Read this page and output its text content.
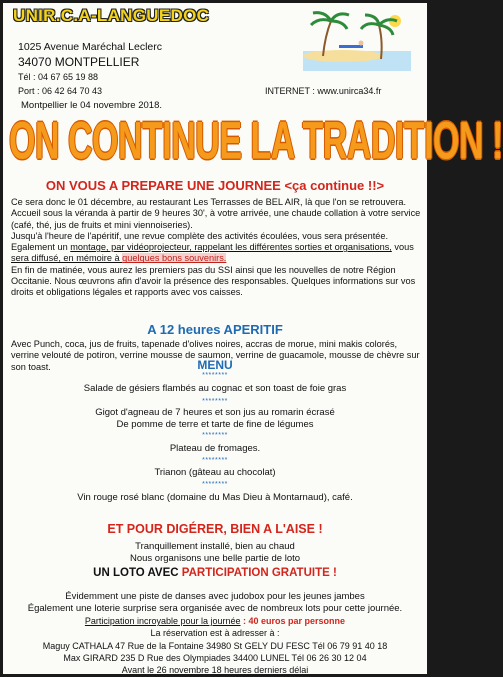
UNIR.C.A-LANGUEDOC
1025 Avenue Maréchal Leclerc
34070 MONTPELLIER
Tél : 04 67 65 19 88
Port : 06 42 64 70 43	INTERNET : www.unirca34.fr
Montpellier le 04 novembre 2018.
ON CONTINUE LA TRADITION !
ON VOUS A PREPARE UNE JOURNEE <ça continue !!>

Ce sera donc le 01 décembre, au restaurant Les Terrasses de BEL AIR, là que l'on se retrouvera.

Accueil sous la véranda à partir de 9 heures 30', à votre arrivée, une chaude collation à votre service

(café, thé, jus de fruits et mini viennoiseries).

Jusqu'à l'heure de l'apéritif, une revue complète des activités écoulées, vous sera présentée.

Egalement un montage, par vidéoprojecteur, rappelant les différentes sorties et organisations, vous

sera diffusé, en mémoire à quelques bons souvenirs.

En fin de matinée, vous aurez les premiers pas du SSI ainsi que les nouvelles de notre Région

Occitanie. Nous œuvrons afin d'avoir la présence des responsables. Quelques informations sur vos

droits et obligations légales et rapports avec vos caisses.

A 12 heures APERITIF
Avec Punch, coca, jus de fruits, tapenade d'olives noires, accras de morue, mini makis colorés, verrine velouté de potiron, verrine mousse de saumon, verrine de guacamole, mousse de chèvre sur son toast.	MENU
********
Salade de gésiers flambés au cognac et son toast de foie gras
********
Gigot d'agneau de 7 heures et son jus au romarin écrasé
De pomme de terre et tarte de fine de légumes
********
Plateau de fromages.
********
Trianon (gâteau au chocolat)
********
Vin rouge rosé blanc (domaine du Mas Dieu à Montarnaud), café.
ET POUR DIGÉRER, BIEN A L'AISE !
Tranquillement installé, bien au chaud
Nous organisons une belle partie de loto
UN LOTO AVEC PARTICIPATION GRATUITE !
Évidemment une piste de danses avec judobox pour les jeunes jambes
Également une loterie surprise sera organisée avec de nombreux lots pour cette journée.
Participation incroyable pour la journée : 40 euros par personne
La réservation est à adresser à :
Maguy CATHALA 47 Rue de la Fontaine 34980 St GELY DU FESC Tél 06 79 91 40 18
Max GIRARD 235 D Rue des Olympiades 34400 LUNEL Tél 06 26 30 12 04
Avant le 26 novembre 18 heures derniers délai
